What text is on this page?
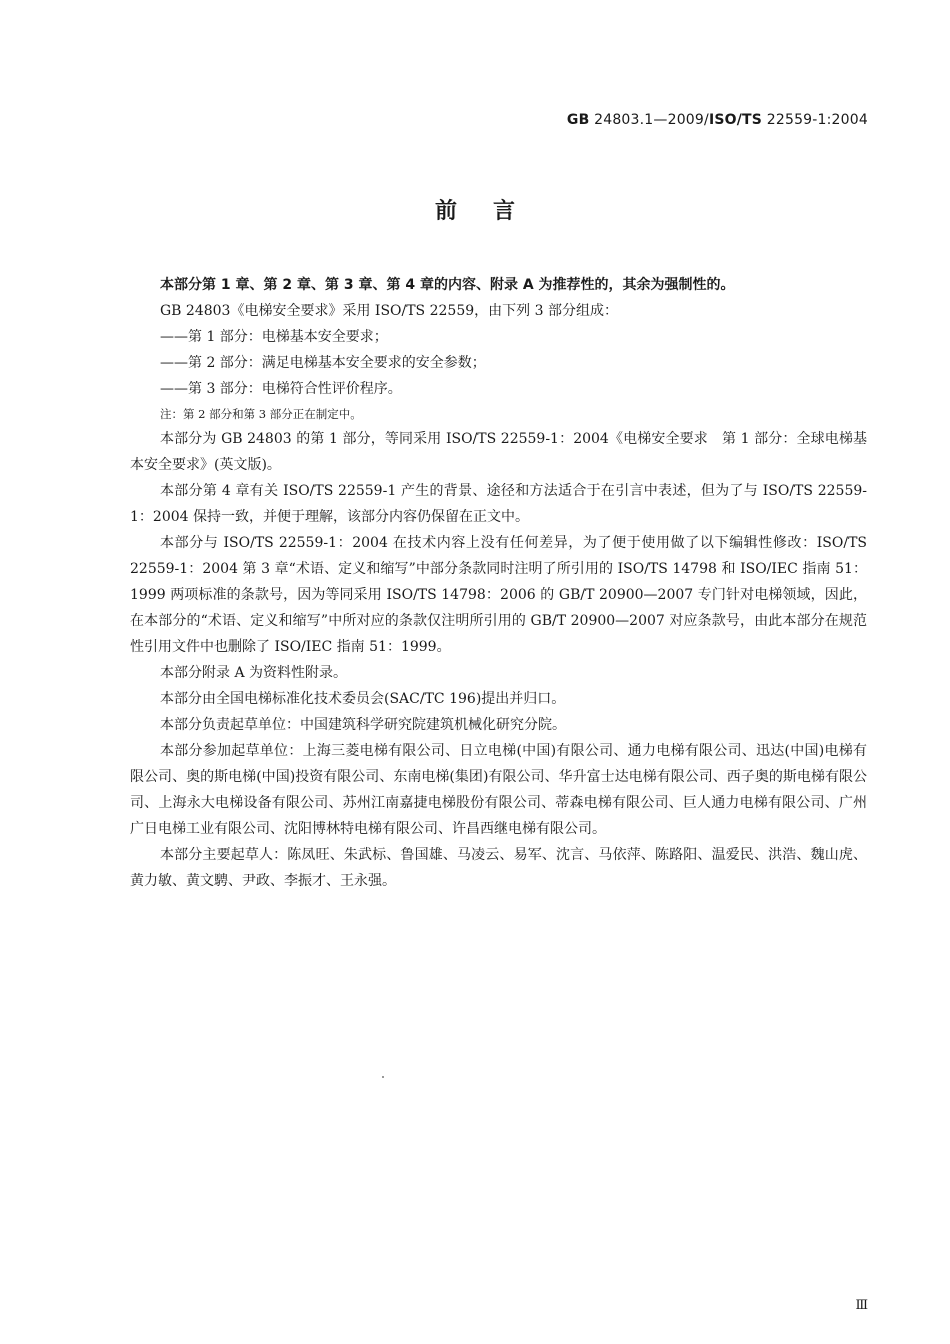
GB 24803.1—2009/ISO/TS 22559-1:2004
前言

本部分第 1 章、第 2 章、第 3 章、第 4 章的内容、附录 A 为推荐性的，其余为强制性的。

GB 24803《电梯安全要求》采用 ISO/TS 22559，由下列 3 部分组成：

——第 1 部分：电梯基本安全要求；

——第 2 部分：满足电梯基本安全要求的安全参数；

——第 3 部分：电梯符合性评价程序。

注：第 2 部分和第 3 部分正在制定中。

本部分为 GB 24803 的第 1 部分，等同采用 ISO/TS 22559-1：2004《电梯安全要求　第 1 部分：全球电梯基本安全要求》(英文版)。

本部分第 4 章有关 ISO/TS 22559-1 产生的背景、途径和方法适合于在引言中表述，但为了与 ISO/TS 22559-1：2004 保持一致，并便于理解，该部分内容仍保留在正文中。

本部分与 ISO/TS 22559-1：2004 在技术内容上没有任何差异，为了便于使用做了以下编辑性修改：ISO/TS 22559-1：2004 第 3 章“术语、定义和缩写”中部分条款同时注明了所引用的 ISO/TS 14798 和 ISO/IEC 指南 51：1999 两项标准的条款号，因为等同采用 ISO/TS 14798：2006 的 GB/T 20900—2007 专门针对电梯领域，因此，在本部分的“术语、定义和缩写”中所对应的条款仅注明所引用的 GB/T 20900—2007 对应条款号，由此本部分在规范性引用文件中也删除了 ISO/IEC 指南 51：1999。

本部分附录 A 为资料性附录。

本部分由全国电梯标准化技术委员会(SAC/TC 196)提出并归口。

本部分负责起草单位：中国建筑科学研究院建筑机械化研究分院。

本部分参加起草单位：上海三菱电梯有限公司、日立电梯(中国)有限公司、通力电梯有限公司、迅达(中国)电梯有限公司、奥的斯电梯(中国)投资有限公司、东南电梯(集团)有限公司、华升富士达电梯有限公司、西子奥的斯电梯有限公司、上海永大电梯设备有限公司、苏州江南嘉捷电梯股份有限公司、蒂森电梯有限公司、巨人通力电梯有限公司、广州广日电梯工业有限公司、沈阳博林特电梯有限公司、许昌西继电梯有限公司。

本部分主要起草人：陈凤旺、朱武标、鲁国雄、马凌云、易军、沈言、马依萍、陈路阳、温爱民、洪浩、魏山虎、黄力敏、黄文騁、尹政、李振才、王永强。

Ⅲ
